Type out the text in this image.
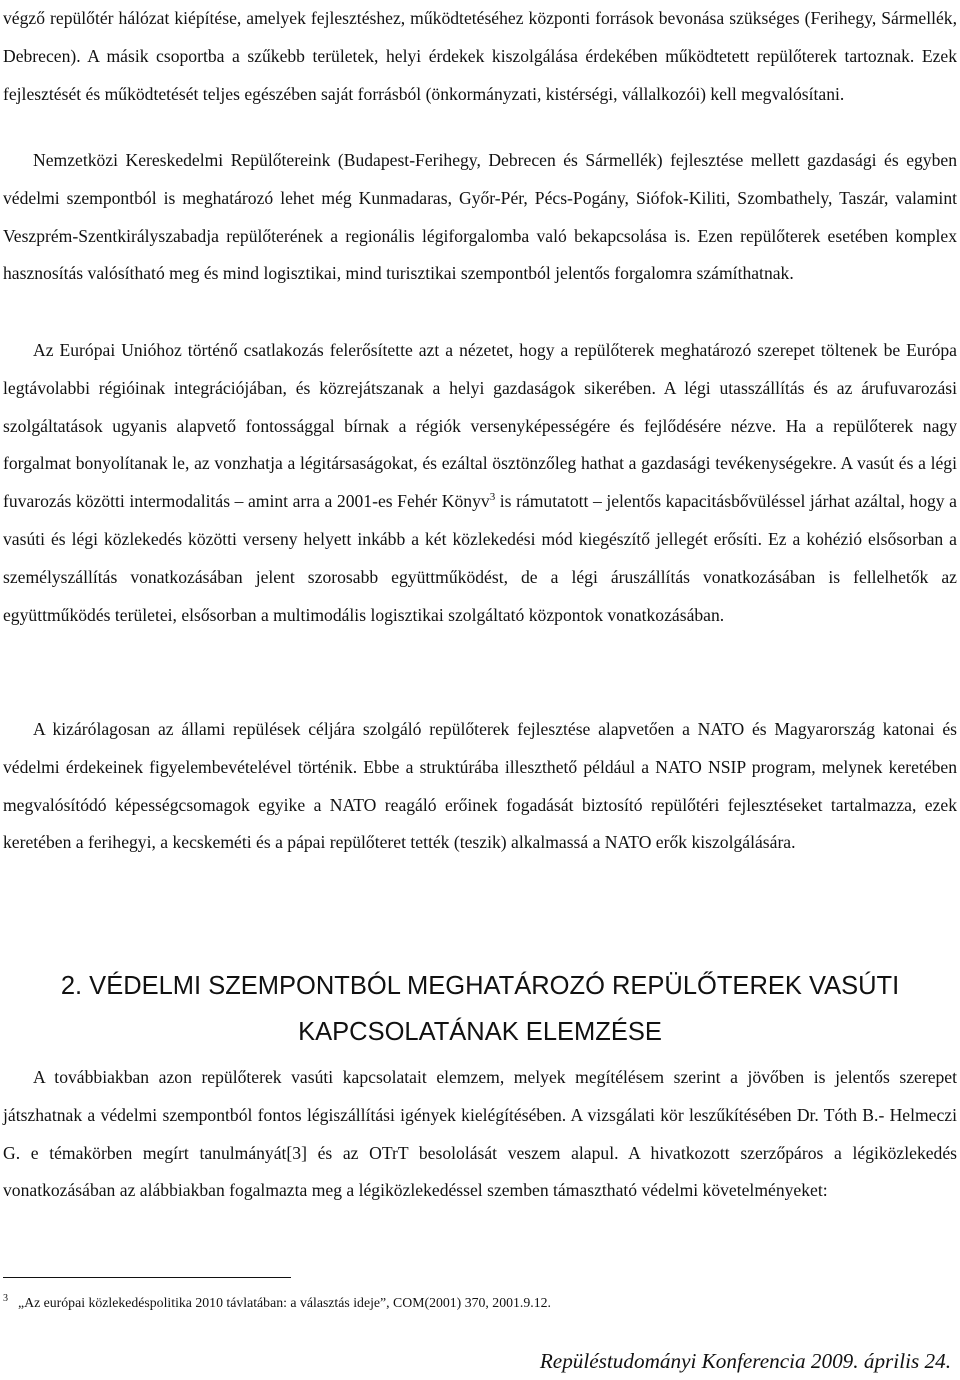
végző repülőtér hálózat kiépítése, amelyek fejlesztéshez, működtetéséhez központi források bevonása szükséges (Ferihegy, Sármellék, Debrecen). A másik csoportba a szűkebb területek, helyi érdekek kiszolgálása érdekében működtetett repülőterek tartoznak. Ezek fejlesztését és működtetését teljes egészében saját forrásból (önkormányzati, kistérségi, vállalkozói) kell megvalósítani.

Nemzetközi Kereskedelmi Repülőtereink (Budapest-Ferihegy, Debrecen és Sármellék) fejlesztése mellett gazdasági és egyben védelmi szempontból is meghatározó lehet még Kunmadaras, Győr-Pér, Pécs-Pogány, Siófok-Kiliti, Szombathely, Taszár, valamint Veszprém-Szentkirályszabadja repülőterének a regionális légiforgalomba való bekapcsolása is. Ezen repülőterek esetében komplex hasznosítás valósítható meg és mind logisztikai, mind turisztikai szempontból jelentős forgalomra számíthatnak.

Az Európai Unióhoz történő csatlakozás felerősítette azt a nézetet, hogy a repülőterek meghatározó szerepet töltenek be Európa legtávolabbi régióinak integrációjában, és közrejátszanak a helyi gazdaságok sikerében. A légi utasszállítás és az árufuvarozási szolgáltatások ugyanis alapvető fontossággal bírnak a régiók versenyképességére és fejlődésére nézve. Ha a repülőterek nagy forgalmat bonyolítanak le, az vonzhatja a légitársaságokat, és ezáltal ösztönzőleg hathat a gazdasági tevékenységekre. A vasút és a légi fuvarozás közötti intermodalitás – amint arra a 2001-es Fehér Könyv$^3$ is rámutatott – jelentős kapacitásbővüléssel járhat azáltal, hogy a vasúti és légi közlekedés közötti verseny helyett inkább a két közlekedési mód kiegészítő jellegét erősíti. Ez a kohézió elsősorban a személyszállítás vonatkozásában jelent szorosabb együttműködést, de a légi áruszállítás vonatkozásában is fellelhetők az együttműködés területei, elsősorban a multimodális logisztikai szolgáltató központok vonatkozásában.

A kizárólagosan az állami repülések céljára szolgáló repülőterek fejlesztése alapvetően a NATO és Magyarország katonai és védelmi érdekeinek figyelembevételével történik. Ebbe a struktúrába illeszthető például a NATO NSIP program, melynek keretében megvalósítódó képességcsomagok egyike a NATO reagáló erőinek fogadását biztosító repülőtéri fejlesztéseket tartalmazza, ezek keretében a ferihegyi, a kecskeméti és a pápai repülőteret tették (teszik) alkalmassá a NATO erők kiszolgálására.

2. VÉDELMI SZEMPONTBÓL MEGHATÁROZÓ REPÜLŐTEREK VASÚTI
KAPCSOLATÁNAK ELEMZÉSE

A továbbiakban azon repülőterek vasúti kapcsolatait elemzem, melyek megítélésem szerint a jövőben is jelentős szerepet játszhatnak a védelmi szempontból fontos légiszállítási igények kielégítésében. A vizsgálati kör leszűkítésében Dr. Tóth B.- Helmeczi G. e témakörben megírt tanulmányát[3] és az OTrT besololását veszem alapul. A hivatkozott szerzőpáros a légiközlekedés vonatkozásában az alábbiakban fogalmazta meg a légiközlekedéssel szemben támasztható védelmi követelményeket:

$^3$ „Az európai közlekedéspolitika 2010 távlatában: a választás ideje”, COM(2001) 370, 2001.9.12.
Repüléstudományi Konferencia 2009. április 24.
